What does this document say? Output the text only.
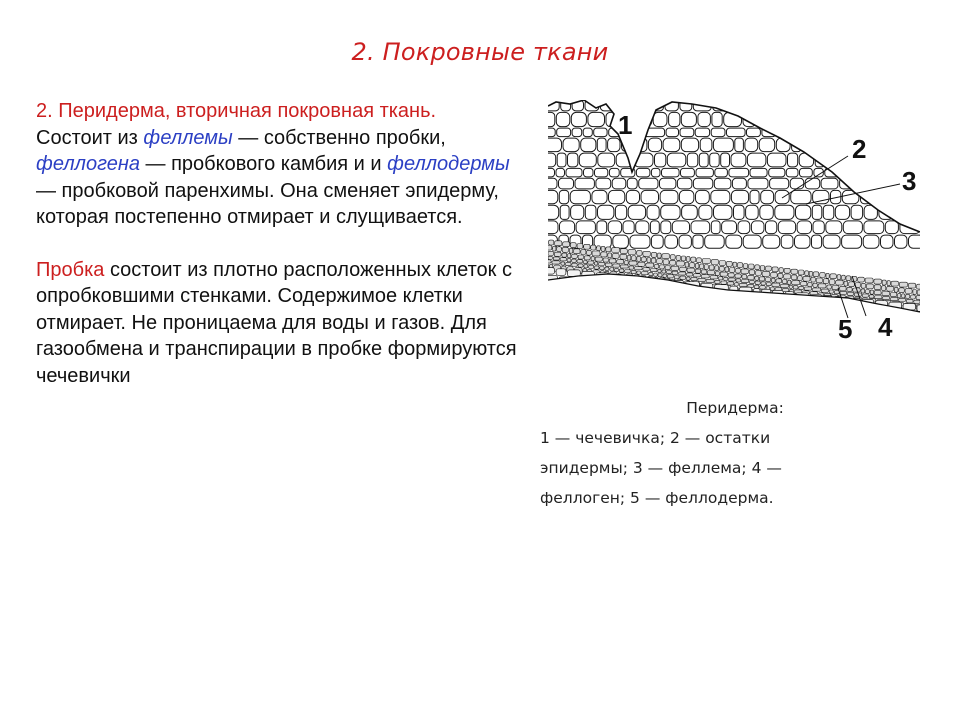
2. Покровные ткани

2. Перидерма, вторичная покровная ткань.

Состоит из феллемы — собственно пробки, феллогена — пробкового камбия и и феллодермы — пробковой паренхимы. Она сменяет эпидерму, которая постепенно отмирает и слущивается.

Пробка состоит из плотно расположенных клеток с опробковшими стенками. Содержимое клетки отмирает. Не проницаема для воды и газов. Для газообмена и транспирации в пробке формируются чечевички

1
2
3
4
5
Перидерма:
1 — чечевичка; 2 — остатки
эпидермы; 3 — феллема; 4 —
феллоген; 5 — феллодерма.
